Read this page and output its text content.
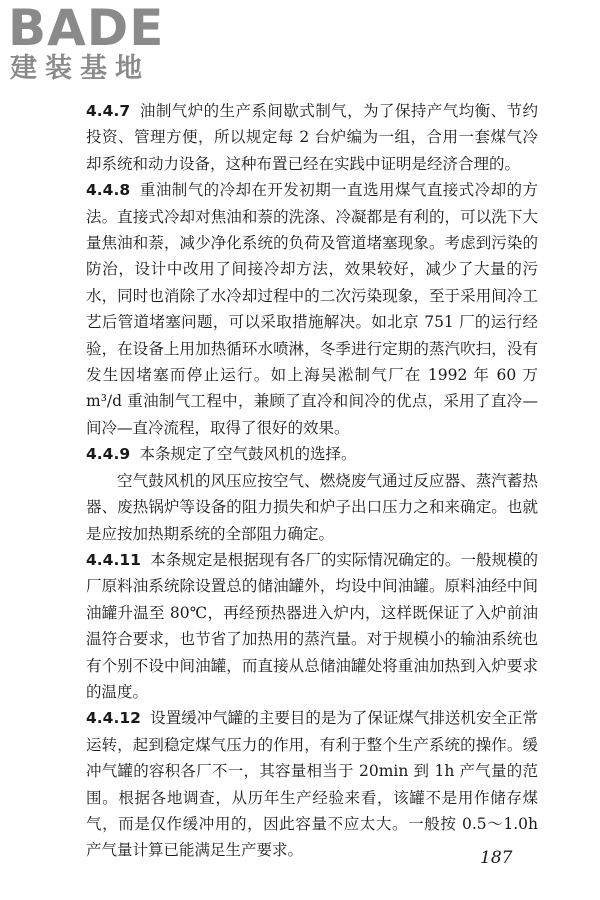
BADE
建装基地

4.4.7 油制气炉的生产系间歇式制气，为了保持产气均衡、节约投资、管理方便，所以规定每 2 台炉编为一组，合用一套煤气冷却系统和动力设备，这种布置已经在实践中证明是经济合理的。

4.4.8 重油制气的冷却在开发初期一直选用煤气直接式冷却的方法。直接式冷却对焦油和萘的洗涤、冷凝都是有利的，可以洗下大量焦油和萘，减少净化系统的负荷及管道堵塞现象。考虑到污染的防治，设计中改用了间接冷却方法，效果较好，减少了大量的污水，同时也消除了水冷却过程中的二次污染现象，至于采用间冷工艺后管道堵塞问题，可以采取措施解决。如北京 751 厂的运行经验，在设备上用加热循环水喷淋，冬季进行定期的蒸汽吹扫，没有发生因堵塞而停止运行。如上海吴淞制气厂在 1992 年 60 万 m³/d 重油制气工程中，兼顾了直冷和间冷的优点，采用了直冷—间冷—直冷流程，取得了很好的效果。

4.4.9 本条规定了空气鼓风机的选择。

空气鼓风机的风压应按空气、燃烧废气通过反应器、蒸汽蓄热器、废热锅炉等设备的阻力损失和炉子出口压力之和来确定。也就是应按加热期系统的全部阻力确定。

4.4.11 本条规定是根据现有各厂的实际情况确定的。一般规模的厂原料油系统除设置总的储油罐外，均设中间油罐。原料油经中间油罐升温至 80℃，再经预热器进入炉内，这样既保证了入炉前油温符合要求，也节省了加热用的蒸汽量。对于规模小的输油系统也有个别不设中间油罐，而直接从总储油罐处将重油加热到入炉要求的温度。

4.4.12 设置缓冲气罐的主要目的是为了保证煤气排送机安全正常运转，起到稳定煤气压力的作用，有利于整个生产系统的操作。缓冲气罐的容积各厂不一，其容量相当于 20min 到 1h 产气量的范围。根据各地调查，从历年生产经验来看，该罐不是用作储存煤气，而是仅作缓冲用的，因此容量不应太大。一般按 0.5～1.0h 产气量计算已能满足生产要求。	187
